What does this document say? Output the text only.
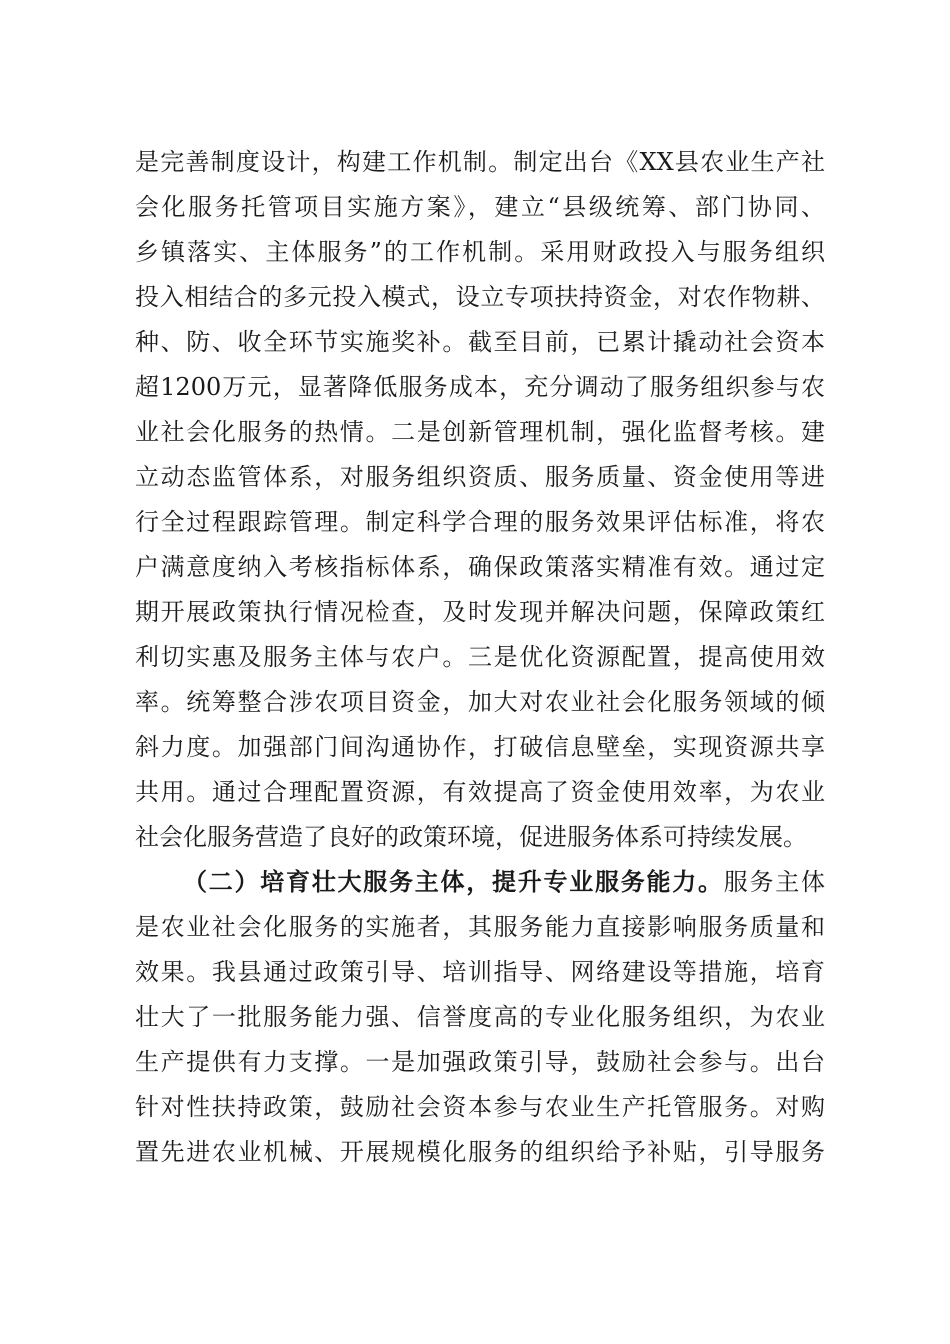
是完善制度设计，构建工作机制。制定出台《XX县农业生产社
会化服务托管项目实施方案》，建立“县级统筹、部门协同、
乡镇落实、主体服务”的工作机制。采用财政投入与服务组织
投入相结合的多元投入模式，设立专项扶持资金，对农作物耕、
种、防、收全环节实施奖补。截至目前，已累计撬动社会资本
超1200万元，显著降低服务成本，充分调动了服务组织参与农
业社会化服务的热情。二是创新管理机制，强化监督考核。建
立动态监管体系，对服务组织资质、服务质量、资金使用等进
行全过程跟踪管理。制定科学合理的服务效果评估标准，将农
户满意度纳入考核指标体系，确保政策落实精准有效。通过定
期开展政策执行情况检查，及时发现并解决问题，保障政策红
利切实惠及服务主体与农户。三是优化资源配置，提高使用效
率。统筹整合涉农项目资金，加大对农业社会化服务领域的倾
斜力度。加强部门间沟通协作，打破信息壁垒，实现资源共享
共用。通过合理配置资源，有效提高了资金使用效率，为农业
社会化服务营造了良好的政策环境，促进服务体系可持续发展。
（二）培育壮大服务主体，提升专业服务能力。服务主体
是农业社会化服务的实施者，其服务能力直接影响服务质量和
效果。我县通过政策引导、培训指导、网络建设等措施，培育
壮大了一批服务能力强、信誉度高的专业化服务组织，为农业
生产提供有力支撑。一是加强政策引导，鼓励社会参与。出台
针对性扶持政策，鼓励社会资本参与农业生产托管服务。对购
置先进农业机械、开展规模化服务的组织给予补贴，引导服务
